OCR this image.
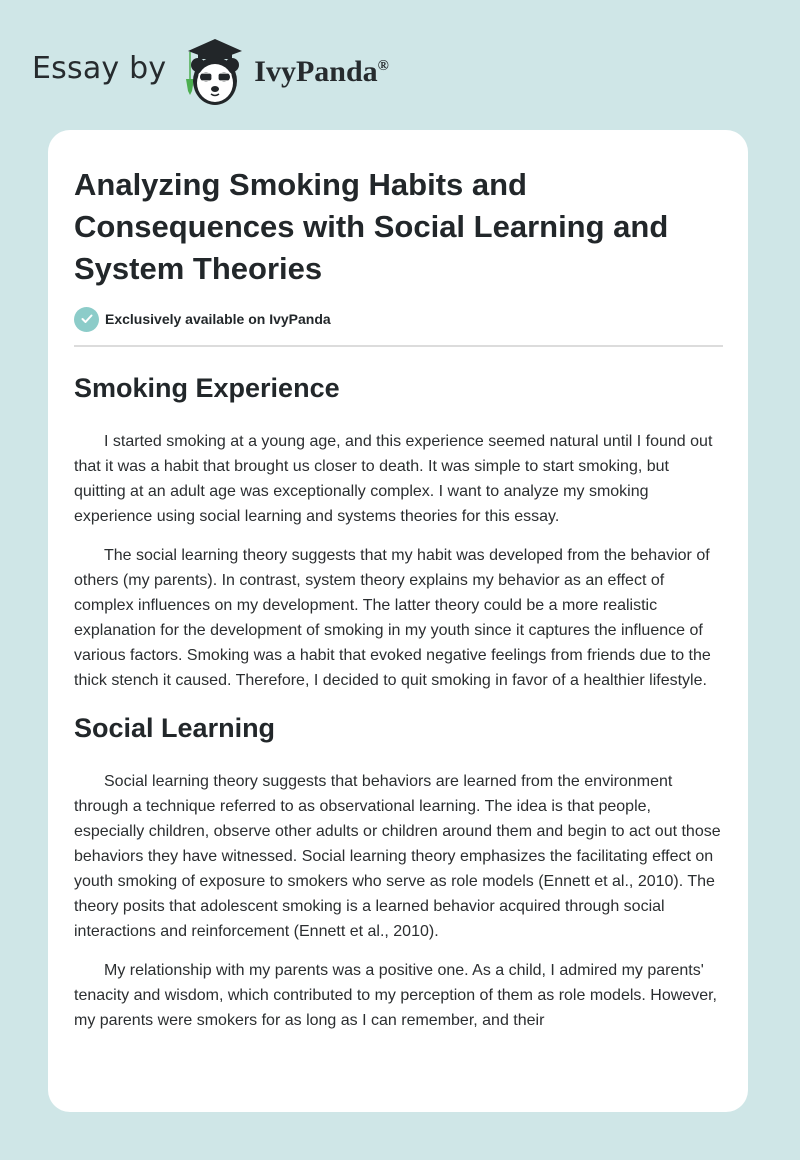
Essay by	IvyPanda®
Analyzing Smoking Habits and Consequences with Social Learning and System Theories
Exclusively available on IvyPanda
Smoking Experience

I started smoking at a young age, and this experience seemed natural until I found out that it was a habit that brought us closer to death. It was simple to start smoking, but quitting at an adult age was exceptionally complex. I want to analyze my smoking experience using social learning and systems theories for this essay.

The social learning theory suggests that my habit was developed from the behavior of others (my parents). In contrast, system theory explains my behavior as an effect of complex influences on my development. The latter theory could be a more realistic explanation for the development of smoking in my youth since it captures the influence of various factors. Smoking was a habit that evoked negative feelings from friends due to the thick stench it caused. Therefore, I decided to quit smoking in favor of a healthier lifestyle.

Social Learning

Social learning theory suggests that behaviors are learned from the environment through a technique referred to as observational learning. The idea is that people, especially children, observe other adults or children around them and begin to act out those behaviors they have witnessed. Social learning theory emphasizes the facilitating effect on youth smoking of exposure to smokers who serve as role models (Ennett et al., 2010). The theory posits that adolescent smoking is a learned behavior acquired through social interactions and reinforcement (Ennett et al., 2010).

My relationship with my parents was a positive one. As a child, I admired my parents' tenacity and wisdom, which contributed to my perception of them as role models. However, my parents were smokers for as long as I can remember, and their
